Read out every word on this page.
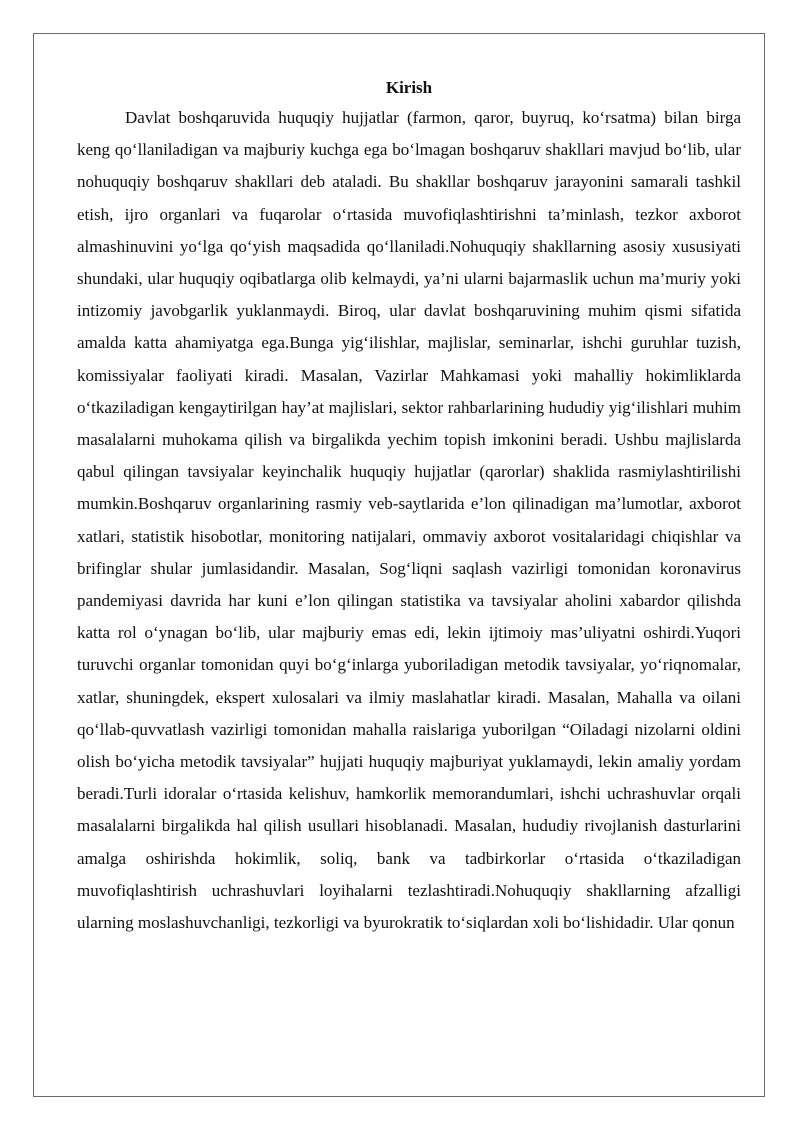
Kirish

Davlat boshqaruvida huquqiy hujjatlar (farmon, qaror, buyruq, ko‘rsatma) bilan birga keng qo‘llaniladigan va majburiy kuchga ega bo‘lmagan boshqaruv shakllari mavjud bo‘lib, ular nohuquqiy boshqaruv shakllari deb ataladi. Bu shakllar boshqaruv jarayonini samarali tashkil etish, ijro organlari va fuqarolar o‘rtasida muvofiqlashtirishni ta’minlash, tezkor axborot almashinuvini yo‘lga qo‘yish maqsadida qo‘llaniladi.Nohuquqiy shakllarning asosiy xususiyati shundaki, ular huquqiy oqibatlarga olib kelmaydi, ya’ni ularni bajarmaslik uchun ma’muriy yoki intizomiy javobgarlik yuklanmaydi. Biroq, ular davlat boshqaruvining muhim qismi sifatida amalda katta ahamiyatga ega.Bunga yig‘ilishlar, majlislar, seminarlar, ishchi guruhlar tuzish, komissiyalar faoliyati kiradi. Masalan, Vazirlar Mahkamasi yoki mahalliy hokimliklarda o‘tkaziladigan kengaytirilgan hay’at majlislari, sektor rahbarlarining hududiy yig‘ilishlari muhim masalalarni muhokama qilish va birgalikda yechim topish imkonini beradi. Ushbu majlislarda qabul qilingan tavsiyalar keyinchalik huquqiy hujjatlar (qarorlar) shaklida rasmiylashtirilishi mumkin.Boshqaruv organlarining rasmiy veb-saytlarida e’lon qilinadigan ma’lumotlar, axborot xatlari, statistik hisobotlar, monitoring natijalari, ommaviy axborot vositalaridagi chiqishlar va brifinglar shular jumlasidandir. Masalan, Sog‘liqni saqlash vazirligi tomonidan koronavirus pandemiyasi davrida har kuni e’lon qilingan statistika va tavsiyalar aholini xabardor qilishda katta rol o‘ynagan bo‘lib, ular majburiy emas edi, lekin ijtimoiy mas’uliyatni oshirdi.Yuqori turuvchi organlar tomonidan quyi bo‘g‘inlarga yuboriladigan metodik tavsiyalar, yo‘riqnomalar, xatlar, shuningdek, ekspert xulosalari va ilmiy maslahatlar kiradi. Masalan, Mahalla va oilani qo‘llab-quvvatlash vazirligi tomonidan mahalla raislariga yuborilgan “Oiladagi nizolarni oldini olish bo‘yicha metodik tavsiyalar” hujjati huquqiy majburiyat yuklamaydi, lekin amaliy yordam beradi.Turli idoralar o‘rtasida kelishuv, hamkorlik memorandumlari, ishchi uchrashuvlar orqali masalalarni birgalikda hal qilish usullari hisoblanadi. Masalan, hududiy rivojlanish dasturlarini amalga oshirishda hokimlik, soliq, bank va tadbirkorlar o‘rtasida o‘tkaziladigan muvofiqlashtirish uchrashuvlari loyihalarni tezlashtiradi.Nohuquqiy shakllarning afzalligi ularning moslashuvchanligi, tezkorligi va byurokratik to‘siqlardan xoli bo‘lishidadir. Ular qonun
